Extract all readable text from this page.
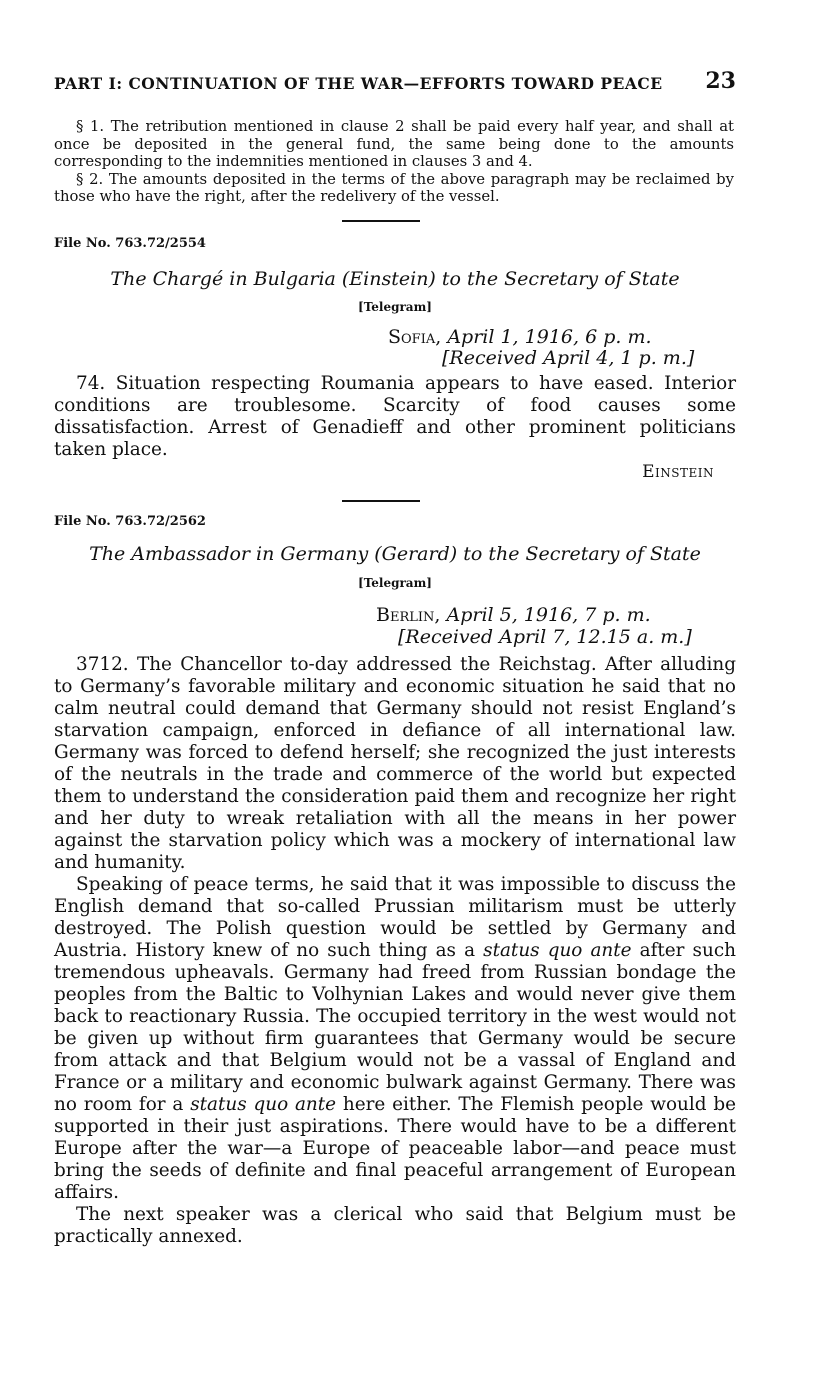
PART I: CONTINUATION OF THE WAR—EFFORTS TOWARD PEACE 23

§ 1. The retribution mentioned in clause 2 shall be paid every half year, and shall at once be deposited in the general fund, the same being done to the amounts corresponding to the indemnities mentioned in clauses 3 and 4.

§ 2. The amounts deposited in the terms of the above paragraph may be reclaimed by those who have the right, after the redelivery of the vessel.

File No. 763.72/2554
The Chargé in Bulgaria (Einstein) to the Secretary of State
[Telegram]
Sofia, April 1, 1916, 6 p. m.
[Received April 4, 1 p. m.]

74. Situation respecting Roumania appears to have eased. Interior conditions are troublesome. Scarcity of food causes some dissatisfaction. Arrest of Genadieff and other prominent politicians taken place.

Einstein
File No. 763.72/2562
The Ambassador in Germany (Gerard) to the Secretary of State
[Telegram]
Berlin, April 5, 1916, 7 p. m.
[Received April 7, 12.15 a. m.]

3712. The Chancellor to-day addressed the Reichstag. After alluding to Germany’s favorable military and economic situation he said that no calm neutral could demand that Germany should not resist England’s starvation campaign, enforced in defiance of all international law. Germany was forced to defend herself; she recognized the just interests of the neutrals in the trade and commerce of the world but expected them to understand the consideration paid them and recognize her right and her duty to wreak retaliation with all the means in her power against the starvation policy which was a mockery of international law and humanity.

Speaking of peace terms, he said that it was impossible to discuss the English demand that so-called Prussian militarism must be utterly destroyed. The Polish question would be settled by Germany and Austria. History knew of no such thing as a status quo ante after such tremendous upheavals. Germany had freed from Russian bondage the peoples from the Baltic to Volhynian Lakes and would never give them back to reactionary Russia. The occupied territory in the west would not be given up without firm guarantees that Germany would be secure from attack and that Belgium would not be a vassal of England and France or a military and economic bulwark against Germany. There was no room for a status quo ante here either. The Flemish people would be supported in their just aspirations. There would have to be a different Europe after the war—a Europe of peaceable labor—and peace must bring the seeds of definite and final peaceful arrangement of European affairs.

The next speaker was a clerical who said that Belgium must be practically annexed.
